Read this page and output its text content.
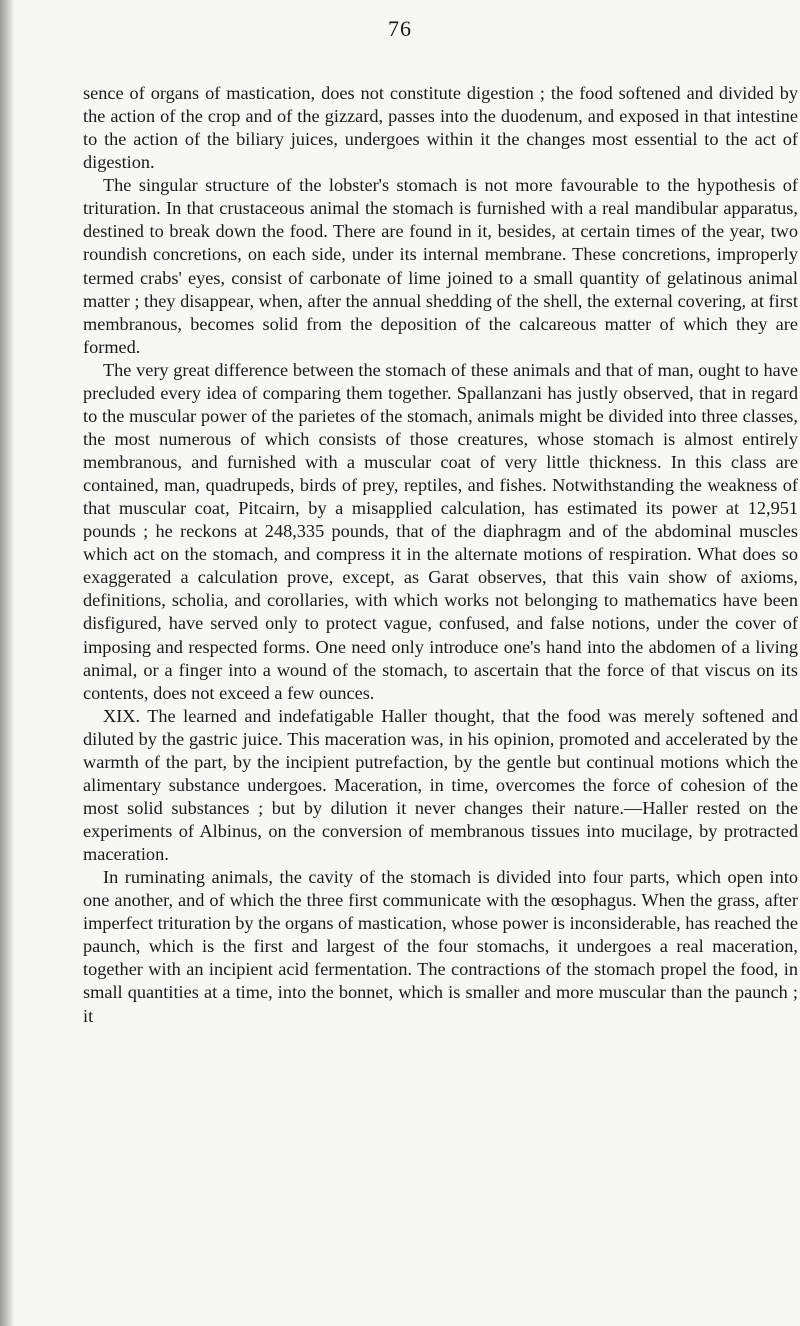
76

sence of organs of mastication, does not constitute digestion ; the food softened and divided by the action of the crop and of the gizzard, passes into the duodenum, and exposed in that intestine to the action of the biliary juices, undergoes within it the changes most essential to the act of digestion.

The singular structure of the lobster's stomach is not more favourable to the hypothesis of trituration. In that crustaceous animal the stomach is furnished with a real mandibular apparatus, destined to break down the food. There are found in it, besides, at certain times of the year, two roundish concretions, on each side, under its internal membrane. These concretions, improperly termed crabs' eyes, consist of carbonate of lime joined to a small quantity of gelatinous animal matter ; they disappear, when, after the annual shedding of the shell, the external covering, at first membranous, becomes solid from the deposition of the calcareous matter of which they are formed.

The very great difference between the stomach of these animals and that of man, ought to have precluded every idea of comparing them together. Spallanzani has justly observed, that in regard to the muscular power of the parietes of the stomach, animals might be divided into three classes, the most numerous of which consists of those creatures, whose stomach is almost entirely membranous, and furnished with a muscular coat of very little thickness. In this class are contained, man, quadrupeds, birds of prey, reptiles, and fishes. Notwithstanding the weakness of that muscular coat, Pitcairn, by a misapplied calculation, has estimated its power at 12,951 pounds ; he reckons at 248,335 pounds, that of the diaphragm and of the abdominal muscles which act on the stomach, and compress it in the alternate motions of respiration. What does so exaggerated a calculation prove, except, as Garat observes, that this vain show of axioms, definitions, scholia, and corollaries, with which works not belonging to mathematics have been disfigured, have served only to protect vague, confused, and false notions, under the cover of imposing and respected forms. One need only introduce one's hand into the abdomen of a living animal, or a finger into a wound of the stomach, to ascertain that the force of that viscus on its contents, does not exceed a few ounces.

XIX. The learned and indefatigable Haller thought, that the food was merely softened and diluted by the gastric juice. This maceration was, in his opinion, promoted and accelerated by the warmth of the part, by the incipient putrefaction, by the gentle but continual motions which the alimentary substance undergoes. Maceration, in time, overcomes the force of cohesion of the most solid substances ; but by dilution it never changes their nature.—Haller rested on the experiments of Albinus, on the conversion of membranous tissues into mucilage, by protracted maceration.

In ruminating animals, the cavity of the stomach is divided into four parts, which open into one another, and of which the three first communicate with the œsophagus. When the grass, after imperfect trituration by the organs of mastication, whose power is inconsiderable, has reached the paunch, which is the first and largest of the four stomachs, it undergoes a real maceration, together with an incipient acid fermentation. The contractions of the stomach propel the food, in small quantities at a time, into the bonnet, which is smaller and more muscular than the paunch ; it
